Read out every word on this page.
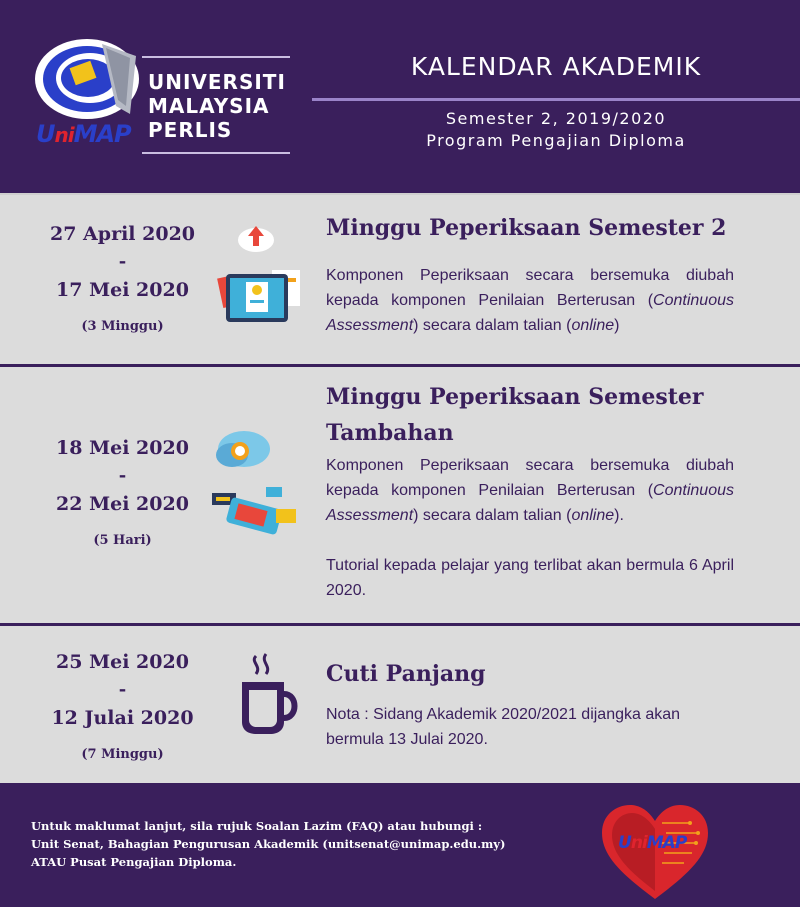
UniMAP
UNIVERSITI
MALAYSIA
PERLIS
KALENDAR AKADEMIK
Semester 2, 2019/2020
Program Pengajian Diploma
27 April 2020
-
17 Mei 2020
(3 Minggu)
Minggu Peperiksaan Semester 2

Komponen Peperiksaan secara bersemuka diubah kepada komponen Penilaian Berterusan (Continuous Assessment) secara dalam talian (online)

18 Mei 2020
-
22 Mei 2020
(5 Hari)
Minggu Peperiksaan Semester
Tambahan

Komponen Peperiksaan secara bersemuka diubah kepada komponen Penilaian Berterusan (Continuous Assessment) secara dalam talian (online).

Tutorial kepada pelajar yang terlibat akan bermula 6 April 2020.

25 Mei 2020
-
12 Julai 2020
(7 Minggu)
Cuti Panjang
Nota : Sidang Akademik 2020/2021 dijangka akan bermula 13 Julai 2020.
Untuk maklumat lanjut, sila rujuk Soalan Lazim (FAQ) atau hubungi :
Unit Senat, Bahagian Pengurusan Akademik (unitsenat@unimap.edu.my)
ATAU Pusat Pengajian Diploma.
UniMAP
